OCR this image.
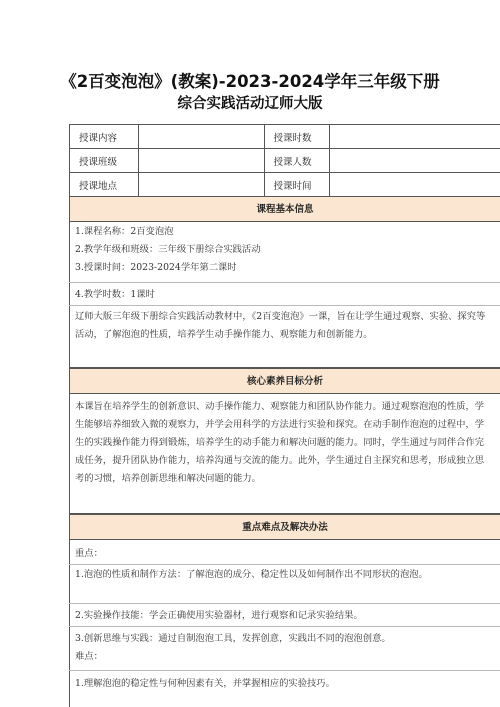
《2百变泡泡》(教案)-2023-2024学年三年级下册
综合实践活动辽师大版
授课内容		授课时数	
授课班级		授课人数	
授课地点		授课时间	
课程基本信息

1.课程名称：2百变泡泡

2.教学年级和班级：三年级下册综合实践活动

3.授课时间：2023-2024学年第二课时

4.教学时数：1课时

辽师大版三年级下册综合实践活动教材中，《2百变泡泡》一课，旨在让学生通过观察、实验、探究等活动，了解泡泡的性质，培养学生动手操作能力、观察能力和创新能力。
核心素养目标分析
本课旨在培养学生的创新意识、动手操作能力、观察能力和团队协作能力。通过观察泡泡的性质，学生能够培养细致入微的观察力，并学会用科学的方法进行实验和探究。在动手制作泡泡的过程中，学生的实践操作能力得到锻炼，培养学生的动手能力和解决问题的能力。同时，学生通过与同伴合作完成任务，提升团队协作能力，培养沟通与交流的能力。此外，学生通过自主探究和思考，形成独立思考的习惯，培养创新思维和解决问题的能力。
重点难点及解决办法
重点：
1.泡泡的性质和制作方法：了解泡泡的成分、稳定性以及如何制作出不同形状的泡泡。
2.实验操作技能：学会正确使用实验器材，进行观察和记录实验结果。
3.创新思维与实践：通过自制泡泡工具，发挥创意，实践出不同的泡泡创意。
难点：
1.理解泡泡的稳定性与何种因素有关，并掌握相应的实验技巧。
